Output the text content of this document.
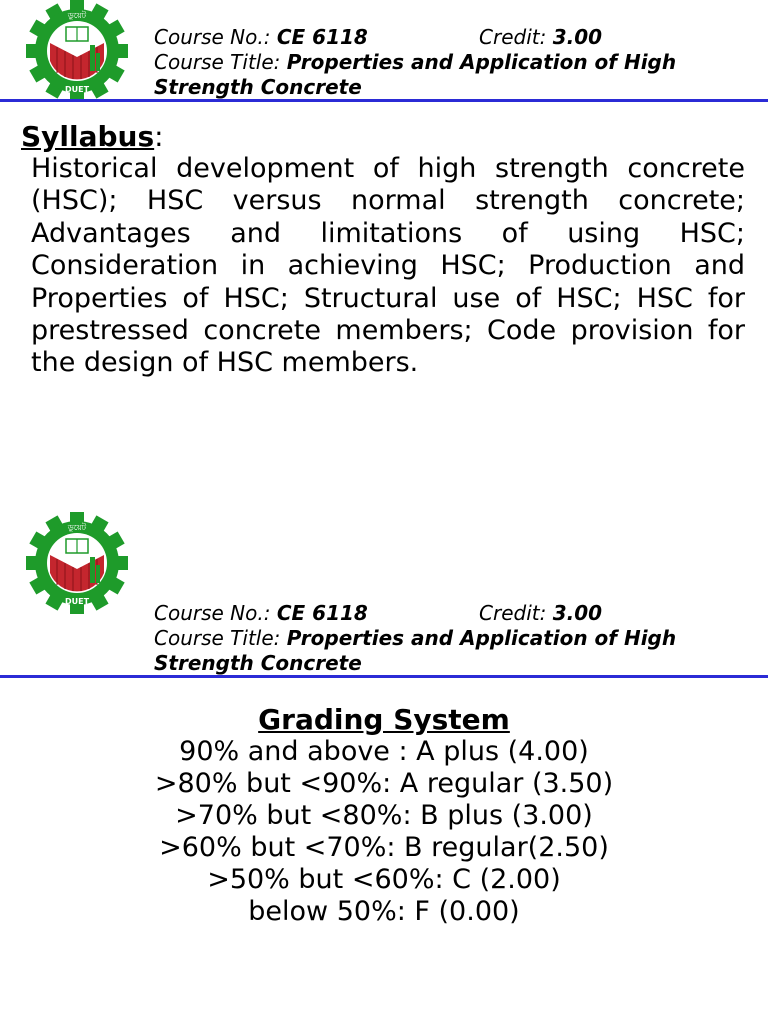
ডুয়েট
DUET
Course No.: CE 6118	Credit: 3.00
Course Title: Properties and Application of High
Strength Concrete
Syllabus:

Historical development of high strength concrete (HSC); HSC versus normal strength concrete; Advantages and limitations of using HSC; Consideration in achieving HSC; Production and Properties of HSC; Structural use of HSC; HSC for prestressed concrete members; Code provision for the design of HSC members.

ডুয়েট
DUET	Course No.: CE 6118	Credit: 3.00
Course Title: Properties and Application of High
Strength Concrete
Grading System
90% and above : A plus (4.00)
>80% but <90%: A regular (3.50)
>70% but <80%: B plus (3.00)
>60% but <70%: B regular(2.50)
>50% but <60%: C (2.00)
below 50%: F (0.00)
